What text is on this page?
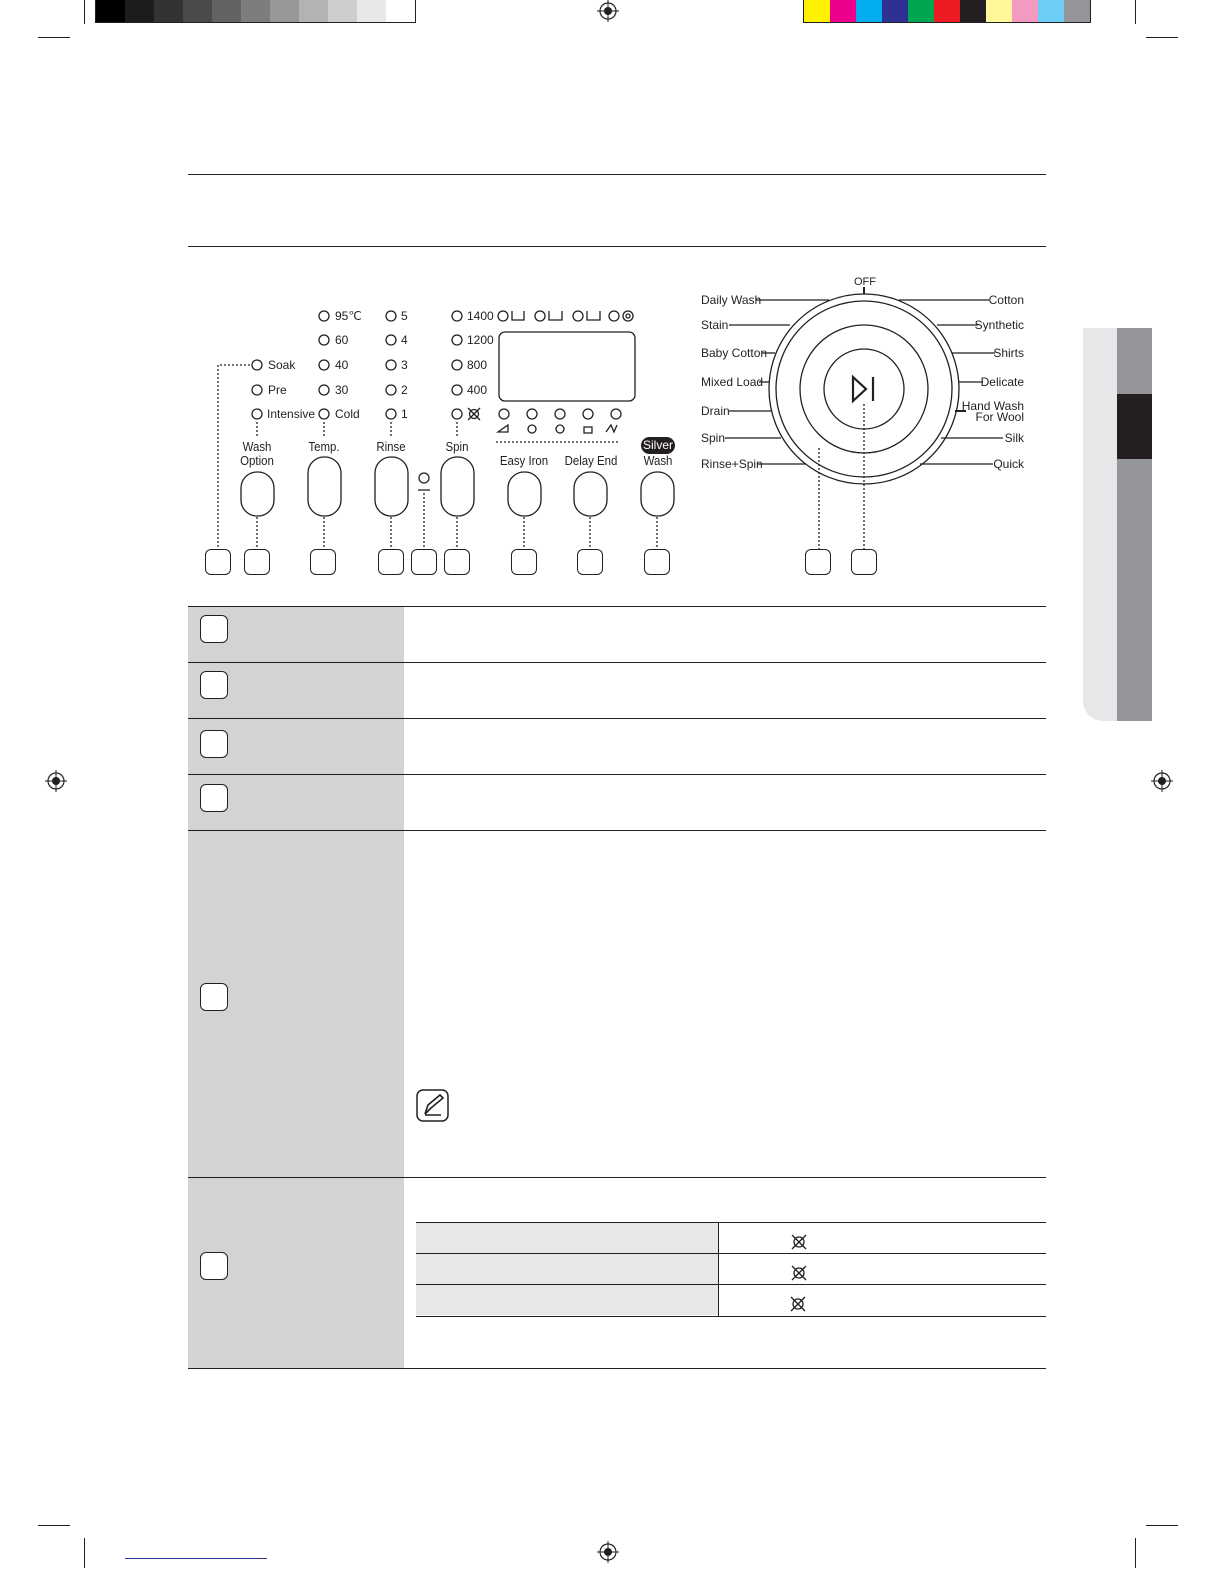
Soak
Pre
Intensive
95℃
60
40
30
Cold
5
4
3
2
1
1400
1200
800
400
Wash
Option
Temp.	Rinse	Spin
Easy Iron Delay End
Silver
Wash
OFF
Daily Wash
Stain
Baby Cotton
Mixed Load
Drain
Spin
Rinse+Spin
Cotton
Synthetic
Shirts
Delicate
Hand Wash
For Wool
Silk
Quick
